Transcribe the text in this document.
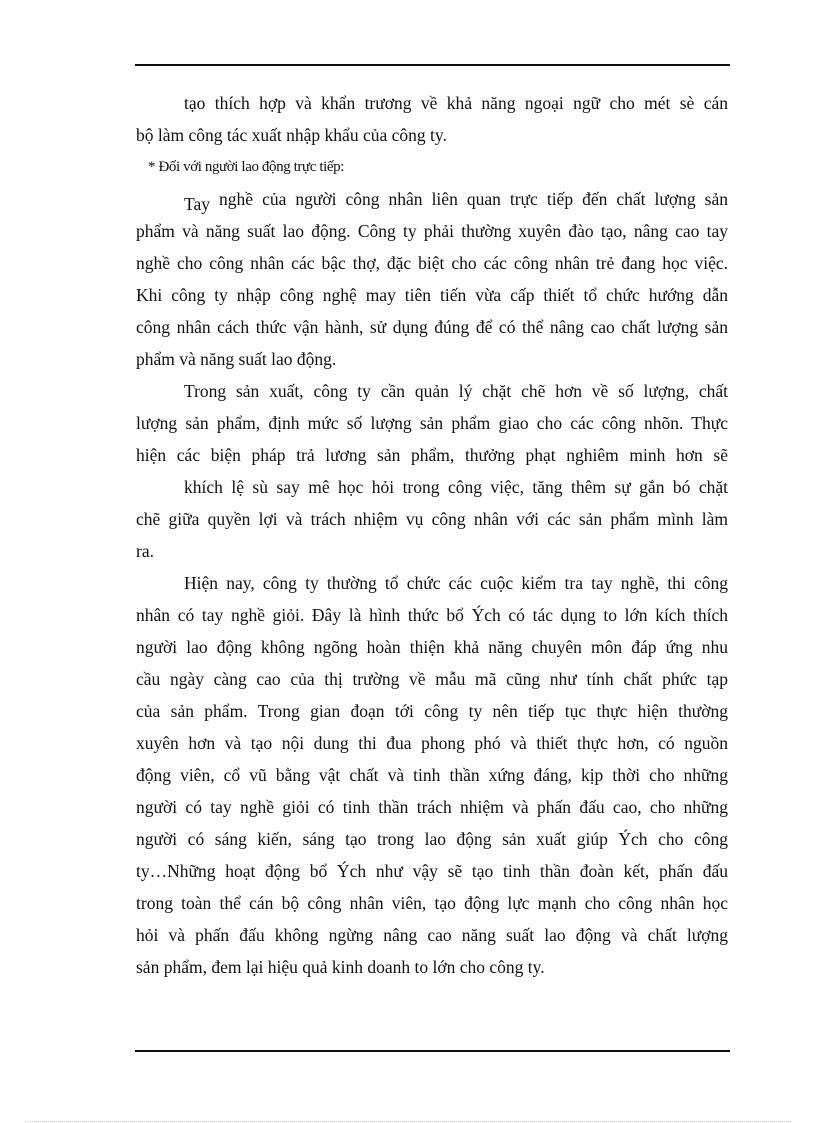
tạo thích hợp và khẩn trương về khả năng ngoại ngữ cho mét sè cán
bộ làm công tác xuất nhập khẩu của công ty.

* Đối với người lao động trực tiếp:

Tay nghề của người công nhân liên quan trực tiếp đến chất lượng sản
phẩm và năng suất lao động. Công ty phải thường xuyên đào tạo, nâng cao tay
nghề cho công nhân các bậc thợ, đặc biệt cho các công nhân trẻ đang học việc.
Khi công ty nhập công nghệ may tiên tiến vừa cấp thiết tổ chức hướng dẫn
công nhân cách thức vận hành, sử dụng đúng để có thể nâng cao chất lượng sản
phẩm và năng suất lao động.

Trong sản xuất, công ty cần quản lý chặt chẽ hơn về số lượng, chất
lượng sản phẩm, định mức số lượng sản phẩm giao cho các công nhõn. Thực
hiện các biện pháp trả lương sản phẩm, thưởng phạt nghiêm minh hơn sẽ

khích lệ sù say mê học hỏi trong công việc, tăng thêm sự gắn bó chặt
chẽ giữa quyền lợi và trách nhiệm vụ công nhân với các sản phẩm mình làm
ra.

Hiện nay, công ty thường tổ chức các cuộc kiểm tra tay nghề, thi công
nhân có tay nghề giỏi. Đây là hình thức bổ Ých có tác dụng to lớn kích thích
người lao động không ngõng hoàn thiện khả năng chuyên môn đáp ứng nhu
cầu ngày càng cao của thị trường về mẫu mã cũng như tính chất phức tạp
của sản phẩm. Trong gian đoạn tới công ty nên tiếp tục thực hiện thường
xuyên hơn và tạo nội dung thi đua phong phó và thiết thực hơn, có nguồn
động viên, cổ vũ bằng vật chất và tinh thần xứng đáng, kịp thời cho những
người có tay nghề giỏi có tinh thần trách nhiệm và phấn đấu cao, cho những
người có sáng kiến, sáng tạo trong lao động sản xuất giúp Ých cho công
ty…Những hoạt động bổ Ých như vậy sẽ tạo tinh thần đoàn kết, phấn đấu
trong toàn thể cán bộ công nhân viên, tạo động lực mạnh cho công nhân học
hỏi và phấn đấu không ngừng nâng cao năng suất lao động và chất lượng
sản phẩm, đem lại hiệu quả kinh doanh to lớn cho công ty.
